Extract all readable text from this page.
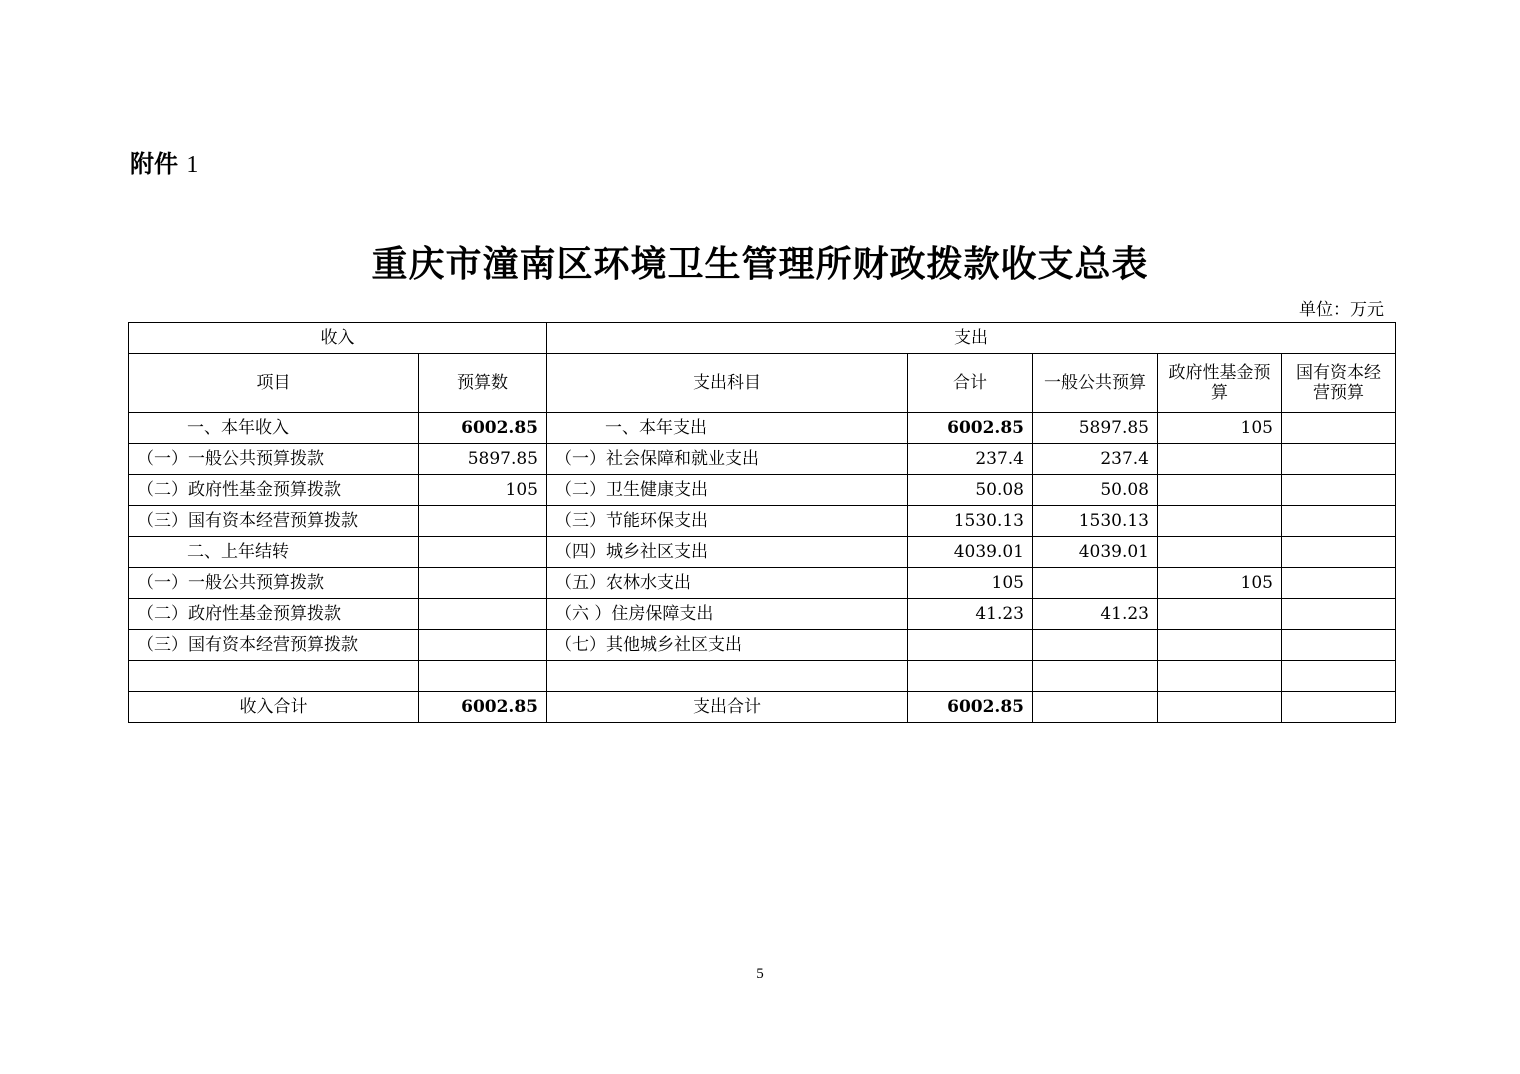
附件 1
重庆市潼南区环境卫生管理所财政拨款收支总表
单位：万元
收入		支出				
项目	预算数	支出科目	合计	一般公共预算	政府性基金预算	国有资本经营预算
一、本年收入	6002.85	一、本年支出	6002.85	5897.85	105	
（一）一般公共预算拨款	5897.85	（一）社会保障和就业支出	237.4	237.4		
（二）政府性基金预算拨款	105	（二）卫生健康支出	50.08	50.08		
（三）国有资本经营预算拨款		（三）节能环保支出	1530.13	1530.13		
二、上年结转		（四）城乡社区支出	4039.01	4039.01		
（一）一般公共预算拨款		（五）农林水支出	105		105	
（二）政府性基金预算拨款		（六 ）住房保障支出	41.23	41.23		
（三）国有资本经营预算拨款		（七）其他城乡社区支出				

收入合计	6002.85	支出合计	6002.85			
5
